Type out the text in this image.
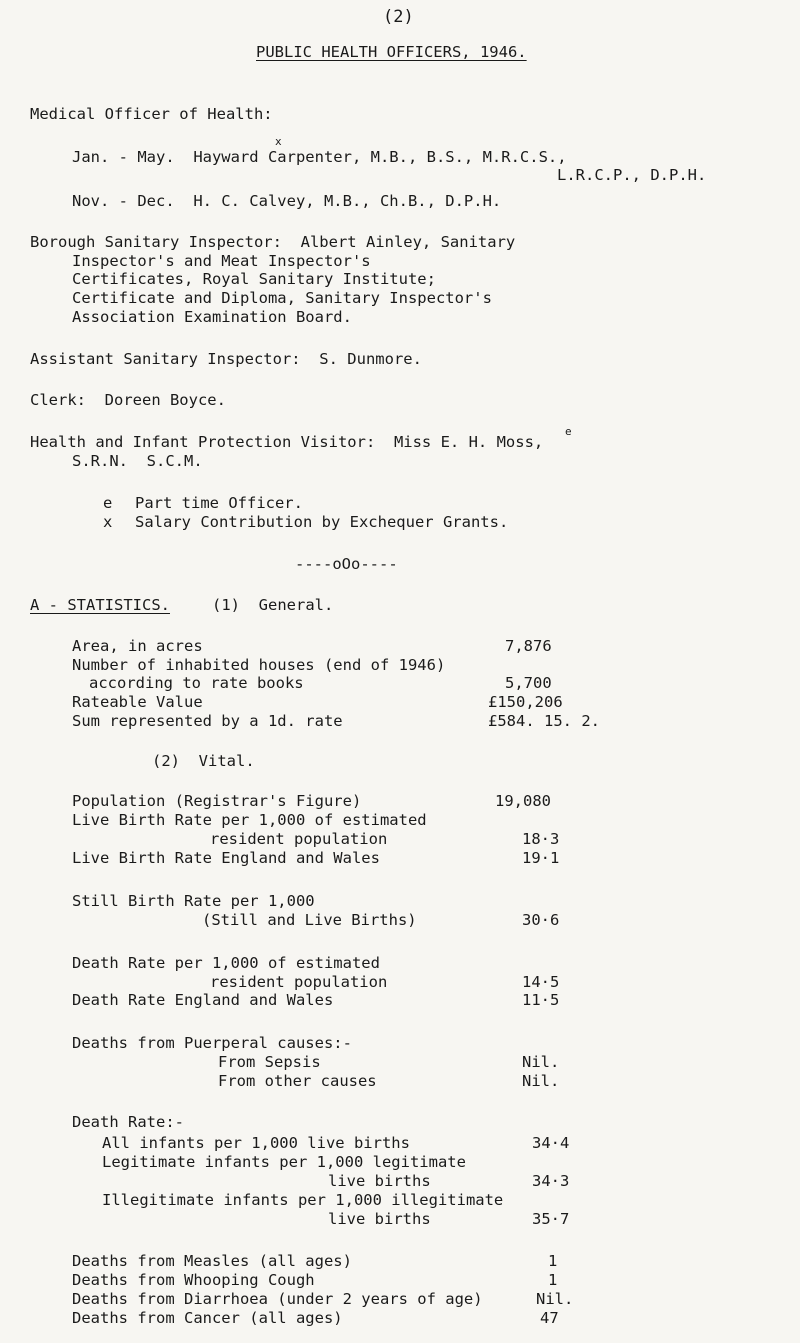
(2)
PUBLIC HEALTH OFFICERS, 1946.
Medical Officer of Health:
x
Jan. - May.  Hayward Carpenter, M.B., B.S., M.R.C.S.,
L.R.C.P., D.P.H.
Nov. - Dec.  H. C. Calvey, M.B., Ch.B., D.P.H.
Borough Sanitary Inspector:  Albert Ainley, Sanitary
Inspector's and Meat Inspector's
Certificates, Royal Sanitary Institute;
Certificate and Diploma, Sanitary Inspector's
Association Examination Board.
Assistant Sanitary Inspector:  S. Dunmore.
Clerk:  Doreen Boyce.
Health and Infant Protection Visitor:  Miss E. H. Moss,
e
S.R.N.  S.C.M.
e Part time Officer.
x Salary Contribution by Exchequer Grants.
----oOo----
A - STATISTICS.	(1)  General.
Area, in acres	7,876
Number of inhabited houses (end of 1946)
according to rate books	5,700
Rateable Value	£150,206
Sum represented by a 1d. rate	£584. 15. 2.
(2)  Vital.
Population (Registrar's Figure)	19,080
Live Birth Rate per 1,000 of estimated
resident population	18·3
Live Birth Rate England and Wales	19·1
Still Birth Rate per 1,000
(Still and Live Births)	30·6
Death Rate per 1,000 of estimated
resident population	14·5
Death Rate England and Wales	11·5
Deaths from Puerperal causes:-
From Sepsis	Nil.
From other causes	Nil.
Death Rate:-
All infants per 1,000 live births	34·4
Legitimate infants per 1,000 legitimate
live births	34·3
Illegitimate infants per 1,000 illegitimate
live births	35·7
Deaths from Measles (all ages)	1
Deaths from Whooping Cough	1
Deaths from Diarrhoea (under 2 years of age)	Nil.
Deaths from Cancer (all ages)	47
